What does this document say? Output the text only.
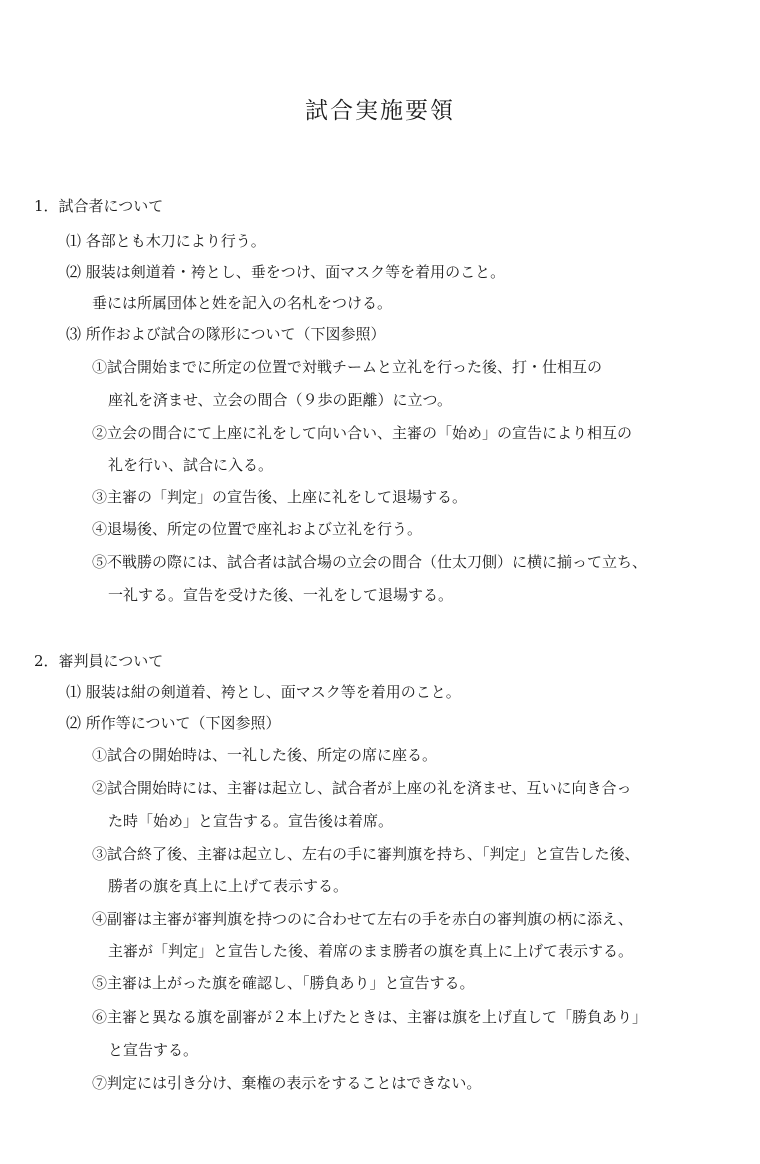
試合実施要領
1．試合者について
⑴ 各部とも木刀により行う。
⑵ 服装は剣道着・袴とし、垂をつけ、面マスク等を着用のこと。
垂には所属団体と姓を記入の名札をつける。
⑶ 所作および試合の隊形について（下図参照）
①試合開始までに所定の位置で対戦チームと立礼を行った後、打・仕相互の
座礼を済ませ、立会の間合（９歩の距離）に立つ。
②立会の間合にて上座に礼をして向い合い、主審の「始め」の宣告により相互の
礼を行い、試合に入る。
③主審の「判定」の宣告後、上座に礼をして退場する。
④退場後、所定の位置で座礼および立礼を行う。
⑤不戦勝の際には、試合者は試合場の立会の間合（仕太刀側）に横に揃って立ち、
一礼する。宣告を受けた後、一礼をして退場する。
2．審判員について
⑴ 服装は紺の剣道着、袴とし、面マスク等を着用のこと。
⑵ 所作等について（下図参照）
①試合の開始時は、一礼した後、所定の席に座る。
②試合開始時には、主審は起立し、試合者が上座の礼を済ませ、互いに向き合っ
た時「始め」と宣告する。宣告後は着席。
③試合終了後、主審は起立し、左右の手に審判旗を持ち、「判定」と宣告した後、
勝者の旗を真上に上げて表示する。
④副審は主審が審判旗を持つのに合わせて左右の手を赤白の審判旗の柄に添え、
主審が「判定」と宣告した後、着席のまま勝者の旗を真上に上げて表示する。
⑤主審は上がった旗を確認し、「勝負あり」と宣告する。
⑥主審と異なる旗を副審が２本上げたときは、主審は旗を上げ直して「勝負あり」
と宣告する。
⑦判定には引き分け、棄権の表示をすることはできない。
